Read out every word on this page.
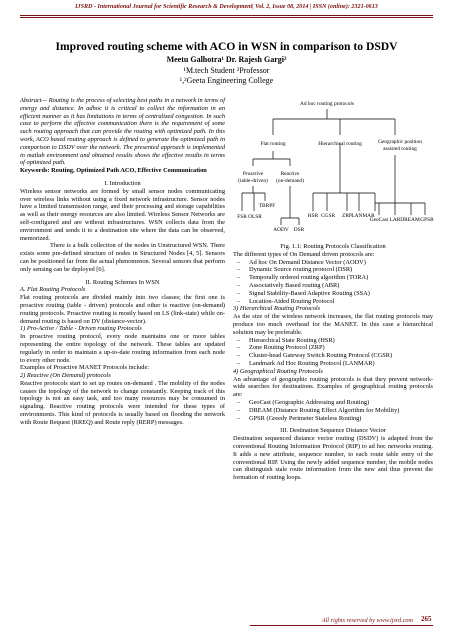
IJSRD - International Journal for Scientific Research & Development| Vol. 2, Issue 08, 2014 | ISSN (online): 2321-0613
Improved routing scheme with ACO in WSN in comparison to DSDV
Meetu Galhotra¹ Dr. Rajesh Gargi²
¹M.tech Student ²Professor
¹,²Geeta Engineering College

Abstract— Routing is the process of selecting best paths in a network in terms of energy and distance. In adhoc it is critical to collect the information in an efficient manner as it has limitations in terms of centralized congestion. In such case to perform the effective communication there is the requirement of some such routing approach that can provide the routing with optimized path. In this work, ACO based routing approach is defined to generate the optimized path in comparison to DSDV over the network. The presented approach is implemented in matlab environment and obtained results shows the effective results in terms of optimized path.

Keywords: Routing, Optimized Path ACO, Effective Communication

I. Introduction

Wireless sensor networks are formed by small sensor nodes communicating over wireless links without using a fixed network infrastructure. Sensor nodes have a limited transmission range, and their processing and storage capabilities as well as their energy resources are also limited. Wireless Sensor Networks are self-configured and are without infrastructures. WSN collects data from the environment and sends it to a destination site where the data can be observed, memorized.

There is a bulk collection of the nodes in Unstructured WSN. There exists some pre-defined structure of nodes in Structured Nodes [4, 5]. Sensors can be positioned far from the actual phenomenon. Several sensors that perform only sensing can be deployed [6].

II. Routing Schemes In WSN

A. Flat Routing Protocols

Flat routing protocols are divided mainly into two classes; the first one is proactive routing (table - driven) protocols and other is reactive (on-demand) routing protocols. Proactive routing is mostly based on LS (link-state) while on-demand routing is based on DV (distance-vector).

1) Pro-Active / Table - Driven routing Protocols

In proactive routing protocol, every node maintains one or more tables representing the entire topology of the network. These tables are updated regularly in order to maintain a up-to-date routing information from each node to every other node.

Examples of Proactive MANET Protocols include:

2) Reactive (On Demand) protocols

Reactive protocols start to set up routes on-demand . The mobility of the nodes causes the topology of the network to change constantly. Keeping track of this topology is not an easy task, and too many resources may be consumed in signaling. Reactive routing protocols were intended for these types of environments. This kind of protocols is usually based on flooding the network with Route Request (RREQ) and Route reply (RERP) messages.

Ad hoc routing protocols
Flat routing	Hierarchical routing	Geographic position
assisted routing
Proactive
(table-driven)
Reactive
(on-demand)
TBRPF
FSR OLSR
AODV DSR
HSR CGSR ZRP LANMAR
GeoCast LAR DREAM GPSR

Fig. 1.1: Routing Protocols Classification

The different types of On Demand driven protocols are:

– Ad hoc On Demand Distance Vector (AODV)
– Dynamic Source routing protocol (DSR)
– Temporally ordered routing algorithm (TORA)
– Associatively Based routing (ABR)
– Signal Stability-Based Adaptive Routing (SSA)
– Location-Aided Routing Protocol

3) Hierarchical Routing Protocols

As the size of the wireless network increases, the flat routing protocols may produce too much overhead for the MANET. In this case a hierarchical solution may be preferable.

– Hierarchical State Routing (HSR)
– Zone Routing Protocol (ZRP)
– Cluster-head Gateway Switch Routing Protocol (CGSR)
– Landmark Ad Hoc Routing Protocol (LANMAR)

4) Geographical Routing Protocols

An advantage of geographic routing protocols is that they prevent network-wide searches for destinations. Examples of geographical routing protocols are:

– GeoCast (Geographic Addressing and Routing)
– DREAM (Distance Routing Effect Algorithm for Mobility)
– GPSR (Greedy Perimeter Stateless Routing)

III. Destination Sequence Distance Vector

Destination sequenced distance vector routing (DSDV) is adapted from the conventional Routing Information Protocol (RIP) to ad hoc networks routing. It adds a new attribute, sequence number, to each route table entry of the conventional RIP. Using the newly added sequence number, the mobile nodes can distinguish stale route information from the new and thus prevent the formation of routing loops.

All rights reserved by www.ijsrd.com 265
